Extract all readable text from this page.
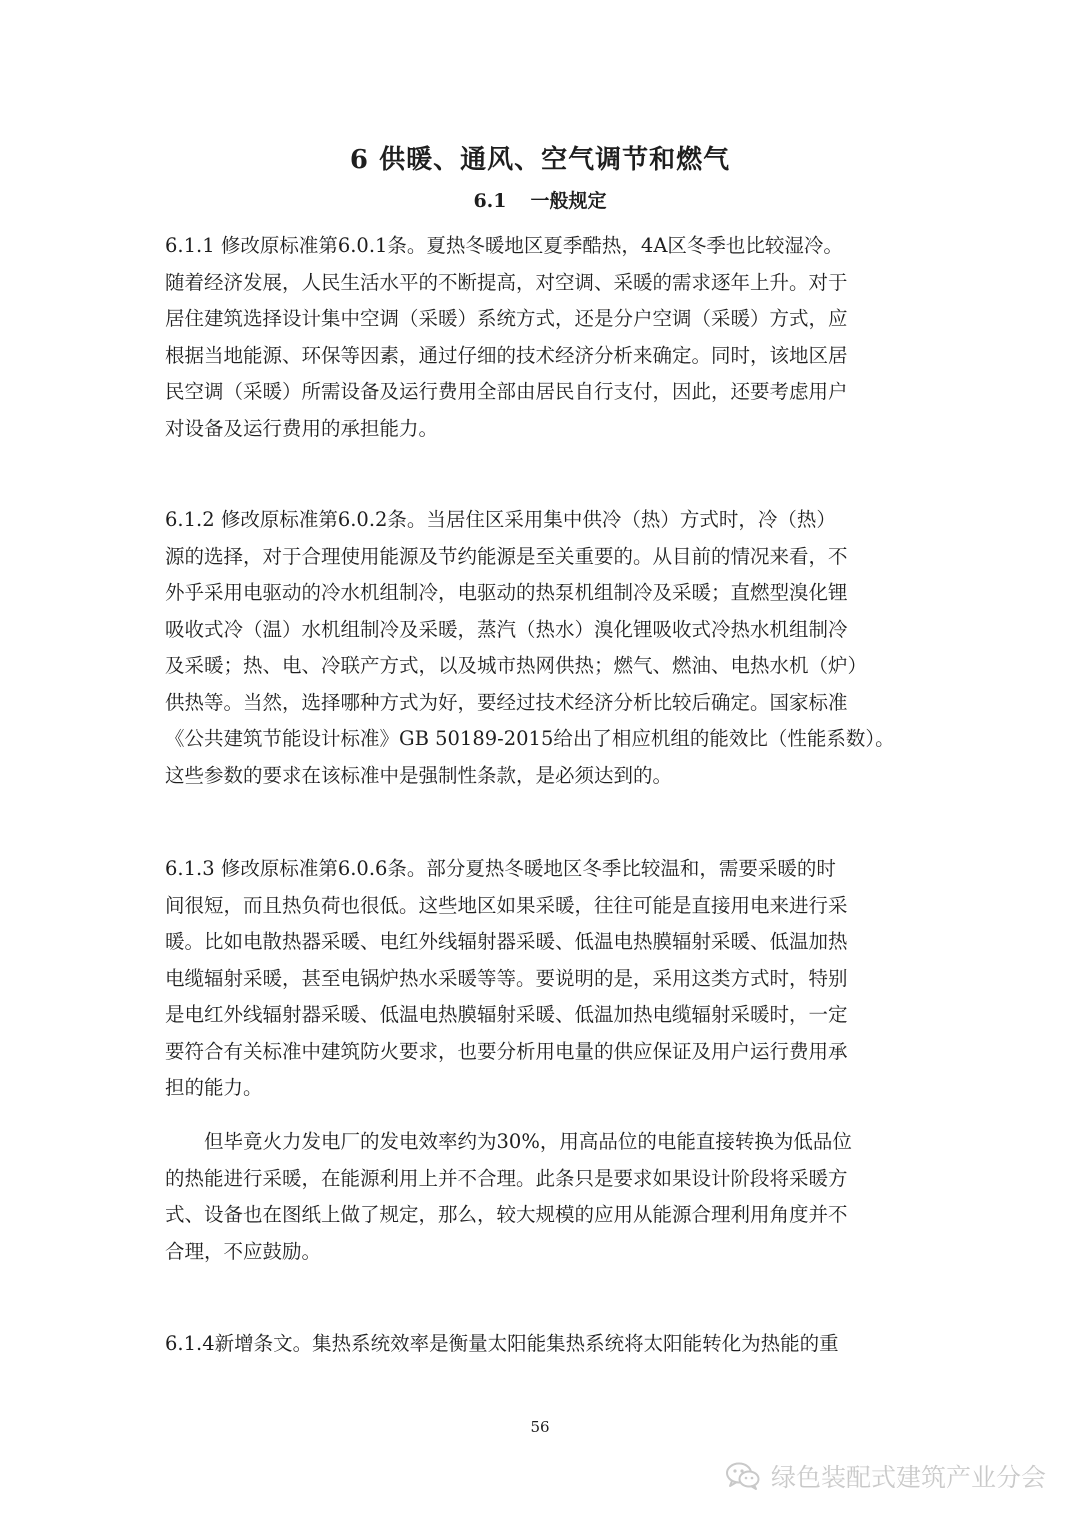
6 供暖、通风、空气调节和燃气
6.1 一般规定
6.1.1 修改原标准第6.0.1条。夏热冬暖地区夏季酷热，4A区冬季也比较湿冷。
随着经济发展，人民生活水平的不断提高，对空调、采暖的需求逐年上升。对于
居住建筑选择设计集中空调（采暖）系统方式，还是分户空调（采暖）方式，应
根据当地能源、环保等因素，通过仔细的技术经济分析来确定。同时，该地区居
民空调（采暖）所需设备及运行费用全部由居民自行支付，因此，还要考虑用户
对设备及运行费用的承担能力。
6.1.2 修改原标准第6.0.2条。当居住区采用集中供冷（热）方式时，冷（热）
源的选择，对于合理使用能源及节约能源是至关重要的。从目前的情况来看，不
外乎采用电驱动的冷水机组制冷，电驱动的热泵机组制冷及采暖；直燃型溴化锂
吸收式冷（温）水机组制冷及采暖，蒸汽（热水）溴化锂吸收式冷热水机组制冷
及采暖；热、电、冷联产方式，以及城市热网供热；燃气、燃油、电热水机（炉）
供热等。当然，选择哪种方式为好，要经过技术经济分析比较后确定。国家标准
《公共建筑节能设计标准》GB 50189-2015给出了相应机组的能效比（性能系数）。
这些参数的要求在该标准中是强制性条款，是必须达到的。
6.1.3 修改原标准第6.0.6条。部分夏热冬暖地区冬季比较温和，需要采暖的时
间很短，而且热负荷也很低。这些地区如果采暖，往往可能是直接用电来进行采
暖。比如电散热器采暖、电红外线辐射器采暖、低温电热膜辐射采暖、低温加热
电缆辐射采暖，甚至电锅炉热水采暖等等。要说明的是，采用这类方式时，特别
是电红外线辐射器采暖、低温电热膜辐射采暖、低温加热电缆辐射采暖时，一定
要符合有关标准中建筑防火要求，也要分析用电量的供应保证及用户运行费用承
担的能力。
　　但毕竟火力发电厂的发电效率约为30%，用高品位的电能直接转换为低品位
的热能进行采暖，在能源利用上并不合理。此条只是要求如果设计阶段将采暖方
式、设备也在图纸上做了规定，那么，较大规模的应用从能源合理利用角度并不
合理，不应鼓励。
6.1.4新增条文。集热系统效率是衡量太阳能集热系统将太阳能转化为热能的重
56
绿色装配式建筑产业分会
